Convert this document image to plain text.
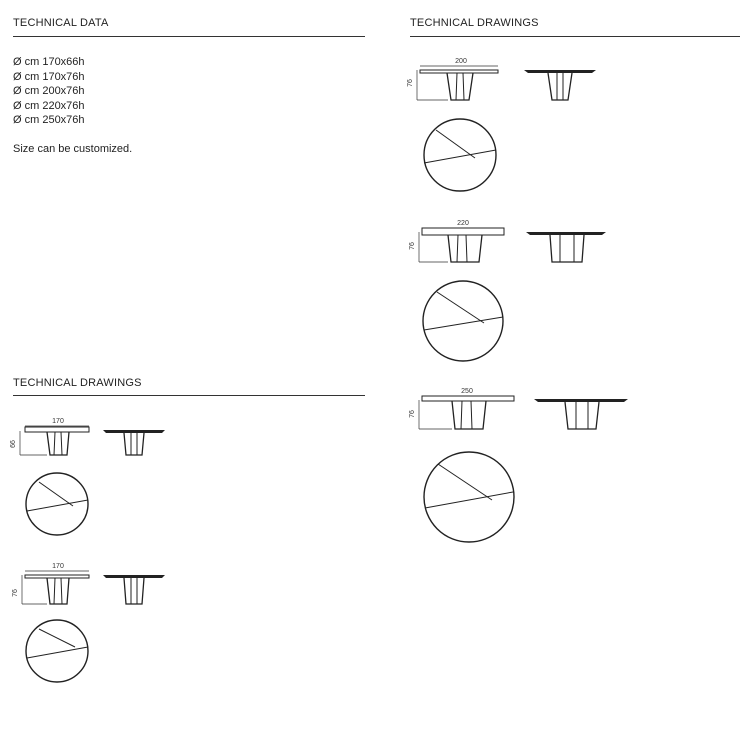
TECHNICAL DATA
Ø cm 170x66h
Ø cm 170x76h
Ø cm 200x76h
Ø cm 220x76h
Ø cm 250x76h
Size can be customized.
TECHNICAL DRAWINGS
TECHNICAL DRAWINGS
200
76
220
76
250
76
170
66
170
76
